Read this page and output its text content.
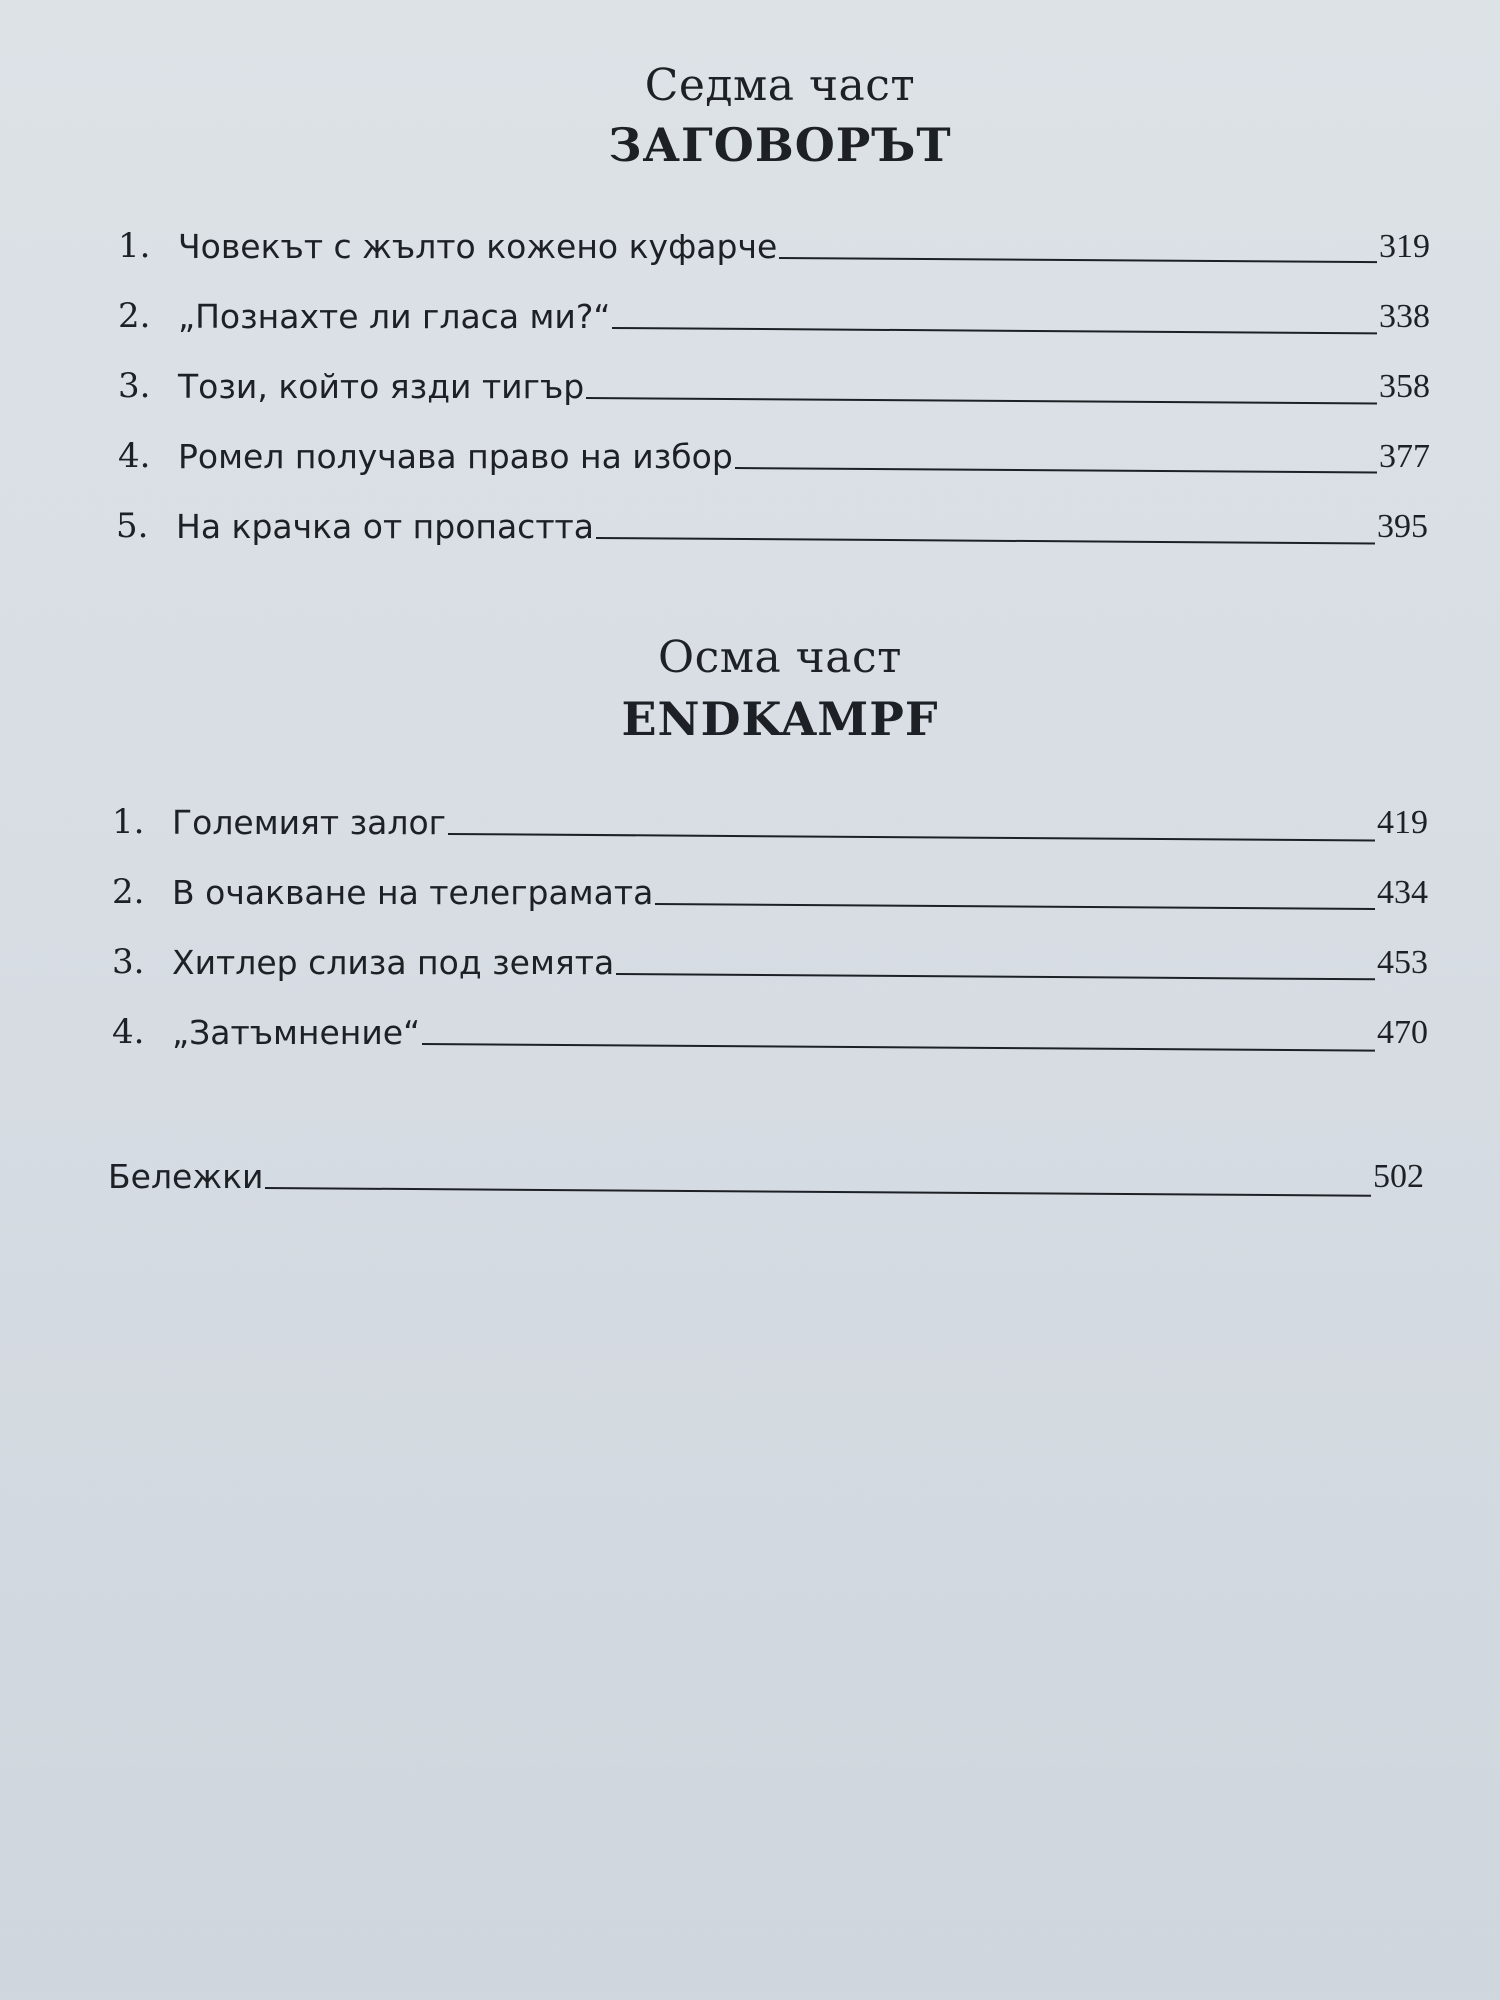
Седма част
ЗАГОВОРЪТ
1. Човекът с жълто кожено куфарче	319
2. „Познахте ли гласа ми?“	338
3. Този, който язди тигър	358
4. Ромел получава право на избор	377
5. На крачка от пропастта	395
Осма част
ENDKAMPF
1. Големият залог	419
2. В очакване на телеграмата	434
3. Хитлер слиза под земята	453
4. „Затъмнение“	470
Бележки	502
